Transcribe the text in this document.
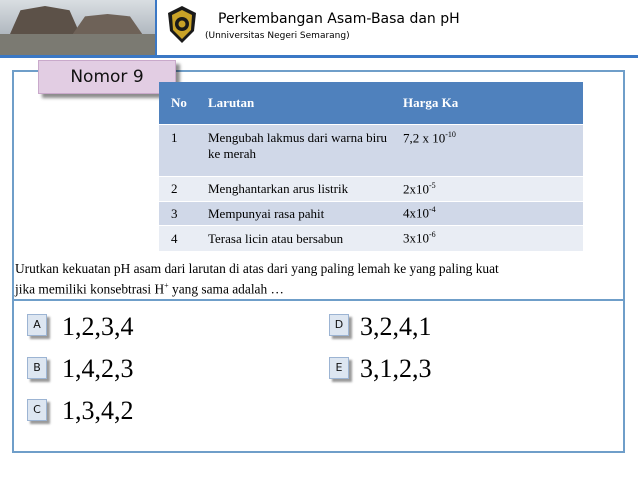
Perkembangan Asam-Basa dan pH
(Unniversitas Negeri Semarang)
Nomor 9
No	Larutan	Harga Ka
1	Mengubah lakmus dari warna biru ke merah	7,2 x $10^{-10}$
2	Menghantarkan arus listrik	$2x10^{-5}$
3	Mempunyai rasa pahit	$4x10^{-4}$
4	Terasa licin atau bersabun	$3x10^{-6}$
Urutkan kekuatan pH asam dari larutan di atas dari yang paling lemah ke yang paling kuat
jika memiliki konsebtrasi H+ yang sama adalah …
A 1,2,3,4
B 1,4,2,3
C 1,3,4,2
D 3,2,4,1
E 3,1,2,3
